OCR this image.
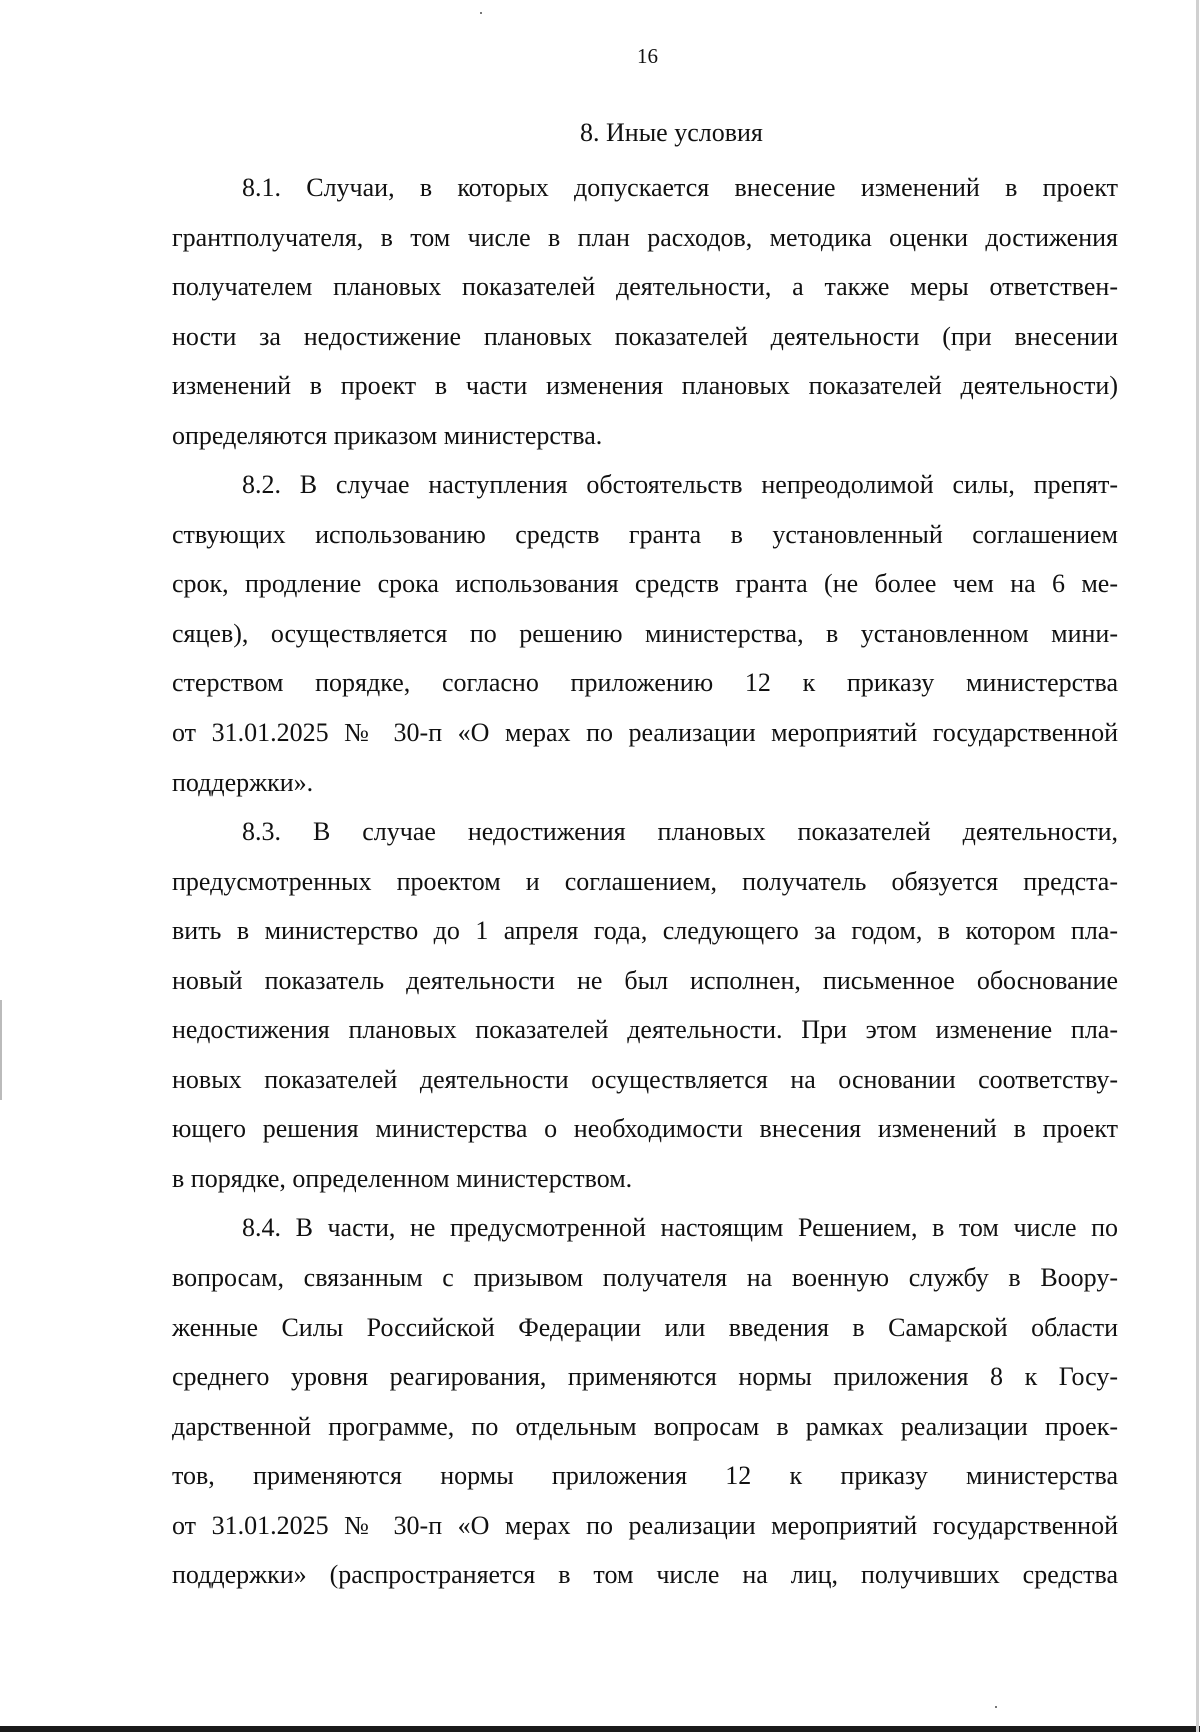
16
8. Иные условия
8.1. Случаи, в которых допускается внесение изменений в проект
грантполучателя, в том числе в план расходов, методика оценки достижения
получателем плановых показателей деятельности, а также меры ответствен-
ности за недостижение плановых показателей деятельности (при внесении
изменений в проект в части изменения плановых показателей деятельности)
определяются приказом министерства.
8.2. В случае наступления обстоятельств непреодолимой силы, препят-
ствующих использованию средств гранта в установленный соглашением
срок, продление срока использования средств гранта (не более чем на 6 ме-
сяцев), осуществляется по решению министерства, в установленном мини-
стерством порядке, согласно приложению 12 к приказу министерства
от 31.01.2025 № 30-п «О мерах по реализации мероприятий государственной
поддержки».
8.3. В случае недостижения плановых показателей деятельности,
предусмотренных проектом и соглашением, получатель обязуется предста-
вить в министерство до 1 апреля года, следующего за годом, в котором пла-
новый показатель деятельности не был исполнен, письменное обоснование
недостижения плановых показателей деятельности. При этом изменение пла-
новых показателей деятельности осуществляется на основании соответству-
ющего решения министерства о необходимости внесения изменений в проект
в порядке, определенном министерством.
8.4. В части, не предусмотренной настоящим Решением, в том числе по
вопросам, связанным с призывом получателя на военную службу в Воору-
женные Силы Российской Федерации или введения в Самарской области
среднего уровня реагирования, применяются нормы приложения 8 к Госу-
дарственной программе, по отдельным вопросам в рамках реализации проек-
тов, применяются нормы приложения 12 к приказу министерства
от 31.01.2025 № 30-п «О мерах по реализации мероприятий государственной
поддержки» (распространяется в том числе на лиц, получивших средства
